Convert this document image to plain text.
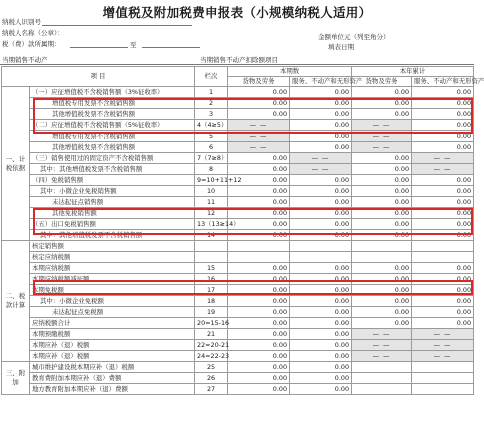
增值税及附加税费申报表（小规模纳税人适用）
纳税人识别号
纳税人名称（公章）：	金额单位元（列至角分）
税（费）款所属期：	至	填表日期
当期销售不动产	当期销售不动产扣除额项目
项 目		栏次	本期数		本年累计	
			货物及劳务	服务、不动产和无形资产	货物及劳务	服务、不动产和无形资产
一、计税依据	（一）应征增值税不含税销售额（3%征收率）	1	0.00	0.00	0.00	0.00
	增值税专用发票不含税销售额	2	0.00	0.00	0.00	0.00
	其他增值税发票不含税销售额	3	0.00	0.00	0.00	0.00
	（二）应征增值税不含税销售额（5%征收率）	4（4≥5）	— —	0.00	— —	0.00
	增值税专用发票不含税销售额	5	— —	0.00	— —	0.00
	其他增值税发票不含税销售额	6	— —	0.00	— —	0.00
	（三）销售使用过的固定资产不含税销售额	7（7≥8）	0.00	— —	0.00	— —
	其中：其他增值税发票不含税销售额	8	0.00	— —	0.00	— —
	（四）免税销售额	9=10+11+12	0.00	0.00	0.00	0.00
	其中：小微企业免税销售额	10	0.00	0.00	0.00	0.00
	未达起征点销售额	11	0.00	0.00	0.00	0.00
	其他免税销售额	12	0.00	0.00	0.00	0.00
	（五）出口免税销售额	13（13≥14）	0.00	0.00	0.00	0.00
	其中：其他增值税发票不含税销售额	14	0.00	0.00	0.00	0.00
二、税款计算	核定销售额					
	核定应纳税额					
	本期应纳税额	15	0.00	0.00	0.00	0.00
	本期应纳税额减征额	16	0.00	0.00	0.00	0.00
	本期免税额	17	0.00	0.00	0.00	0.00
	其中：小微企业免税额	18	0.00	0.00	0.00	0.00
	未达起征点免税额	19	0.00	0.00	0.00	0.00
	应纳税额合计	20=15-16	0.00	0.00	0.00	0.00
	本期预缴税额	21	0.00	0.00	— —	— —
	本期应补（退）税额	22=20-21	0.00	0.00	— —	— —
	本期应补（退）税额	24=22-23	0.00	0.00	— —	— —
三、附加	城市维护建设税本期应补（退）税额	25	0.00	0.00		
	教育费附加本期应补（退）费额	26	0.00	0.00		
	地方教育附加本期应补（退）费额	27	0.00	0.00		
